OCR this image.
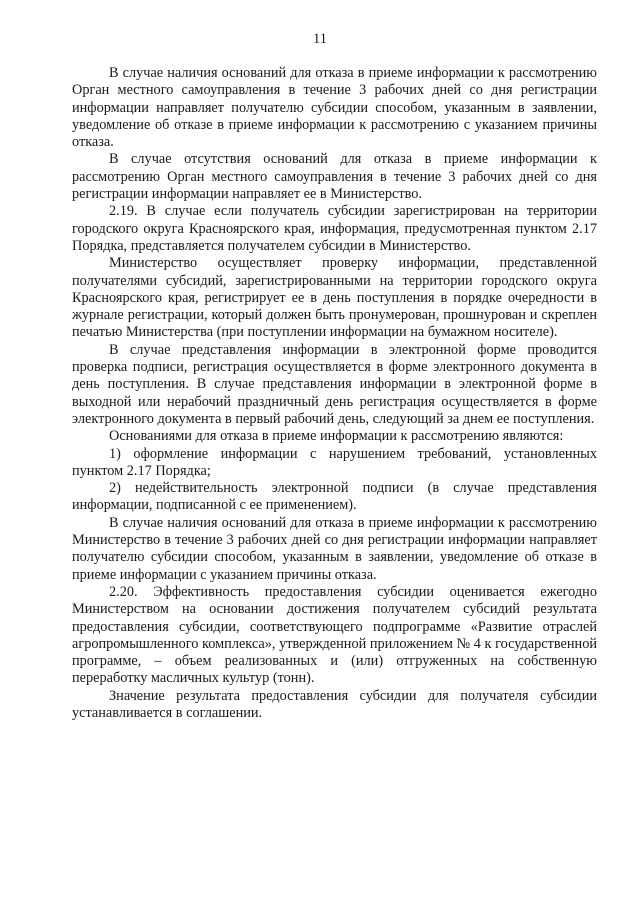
11

В случае наличия оснований для отказа в приеме информации к рассмотрению Орган местного самоуправления в течение 3 рабочих дней со дня регистрации информации направляет получателю субсидии способом, указанным в заявлении, уведомление об отказе в приеме информации к рассмотрению с указанием причины отказа.

В случае отсутствия оснований для отказа в приеме информации к рассмотрению Орган местного самоуправления в течение 3 рабочих дней со дня регистрации информации направляет ее в Министерство.

2.19. В случае если получатель субсидии зарегистрирован на территории городского округа Красноярского края, информация, предусмотренная пунктом 2.17 Порядка, представляется получателем субсидии в Министерство.

Министерство осуществляет проверку информации, представленной получателями субсидий, зарегистрированными на территории городского округа Красноярского края, регистрирует ее в день поступления в порядке очередности в журнале регистрации, который должен быть пронумерован, прошнурован и скреплен печатью Министерства (при поступлении информации на бумажном носителе).

В случае представления информации в электронной форме проводится проверка подписи, регистрация осуществляется в форме электронного документа в день поступления. В случае представления информации в электронной форме в выходной или нерабочий праздничный день регистрация осуществляется в форме электронного документа в первый рабочий день, следующий за днем ее поступления.

Основаниями для отказа в приеме информации к рассмотрению являются:

1) оформление информации с нарушением требований, установленных пунктом 2.17 Порядка;

2) недействительность электронной подписи (в случае представления информации, подписанной с ее применением).

В случае наличия оснований для отказа в приеме информации к рассмотрению Министерство в течение 3 рабочих дней со дня регистрации информации направляет получателю субсидии способом, указанным в заявлении, уведомление об отказе в приеме информации с указанием причины отказа.

2.20. Эффективность предоставления субсидии оценивается ежегодно Министерством на основании достижения получателем субсидий результата предоставления субсидии, соответствующего подпрограмме «Развитие отраслей агропромышленного комплекса», утвержденной приложением № 4 к государственной программе, – объем реализованных и (или) отгруженных на собственную переработку масличных культур (тонн).

Значение результата предоставления субсидии для получателя субсидии устанавливается в соглашении.
